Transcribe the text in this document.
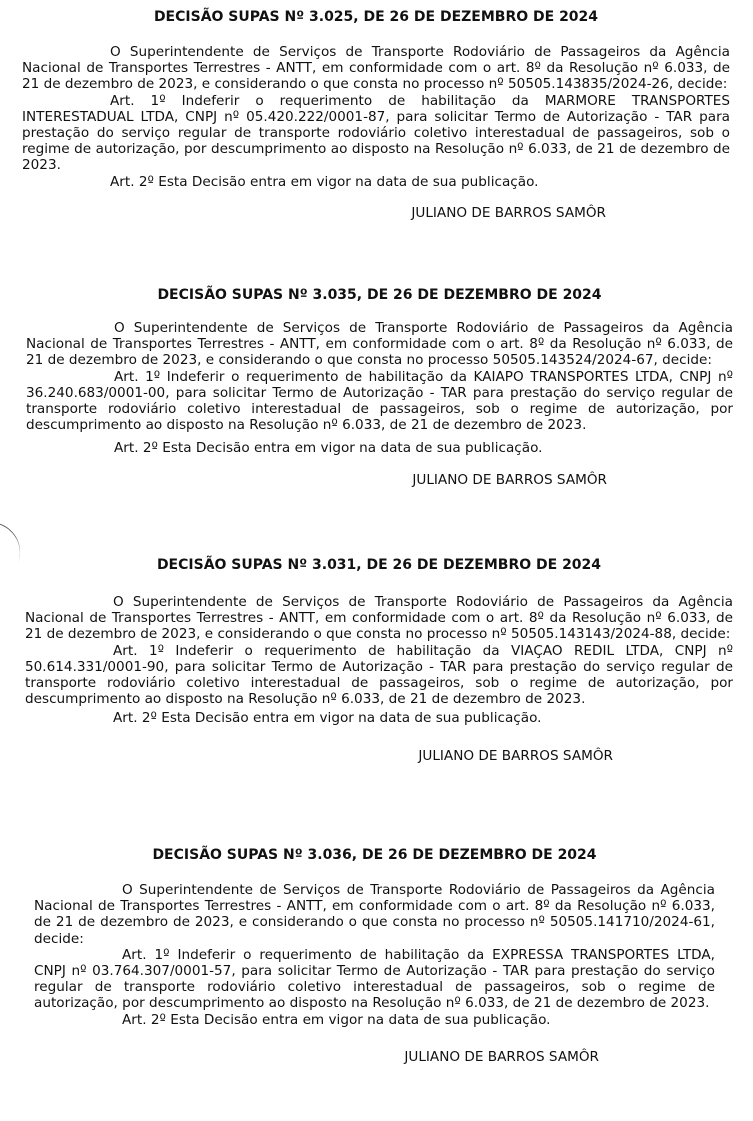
DECISÃO SUPAS Nº 3.025, DE 26 DE DEZEMBRO DE 2024

O Superintendente de Serviços de Transporte Rodoviário de Passageiros da Agência Nacional de Transportes Terrestres - ANTT, em conformidade com o art. 8º da Resolução nº 6.033, de 21 de dezembro de 2023, e considerando o que consta no processo nº 50505.143835/2024-26, decide:

Art. 1º Indeferir o requerimento de habilitação da MARMORE TRANSPORTES INTERESTADUAL LTDA, CNPJ nº 05.420.222/0001-87, para solicitar Termo de Autorização - TAR para prestação do serviço regular de transporte rodoviário coletivo interestadual de passageiros, sob o regime de autorização, por descumprimento ao disposto na Resolução nº 6.033, de 21 de dezembro de 2023.

Art. 2º Esta Decisão entra em vigor na data de sua publicação.

JULIANO DE BARROS SAMÔR

DECISÃO SUPAS Nº 3.035, DE 26 DE DEZEMBRO DE 2024

O Superintendente de Serviços de Transporte Rodoviário de Passageiros da Agência Nacional de Transportes Terrestres - ANTT, em conformidade com o art. 8º da Resolução nº 6.033, de 21 de dezembro de 2023, e considerando o que consta no processo 50505.143524/2024-67, decide:

Art. 1º Indeferir o requerimento de habilitação da KAIAPO TRANSPORTES LTDA, CNPJ nº 36.240.683/0001-00, para solicitar Termo de Autorização - TAR para prestação do serviço regular de transporte rodoviário coletivo interestadual de passageiros, sob o regime de autorização, por descumprimento ao disposto na Resolução nº 6.033, de 21 de dezembro de 2023.

Art. 2º Esta Decisão entra em vigor na data de sua publicação.

JULIANO DE BARROS SAMÔR

DECISÃO SUPAS Nº 3.031, DE 26 DE DEZEMBRO DE 2024

O Superintendente de Serviços de Transporte Rodoviário de Passageiros da Agência Nacional de Transportes Terrestres - ANTT, em conformidade com o art. 8º da Resolução nº 6.033, de 21 de dezembro de 2023, e considerando o que consta no processo nº 50505.143143/2024-88, decide:

Art. 1º Indeferir o requerimento de habilitação da VIAÇAO REDIL LTDA, CNPJ nº 50.614.331/0001-90, para solicitar Termo de Autorização - TAR para prestação do serviço regular de transporte rodoviário coletivo interestadual de passageiros, sob o regime de autorização, por descumprimento ao disposto na Resolução nº 6.033, de 21 de dezembro de 2023.

Art. 2º Esta Decisão entra em vigor na data de sua publicação.

JULIANO DE BARROS SAMÔR

DECISÃO SUPAS Nº 3.036, DE 26 DE DEZEMBRO DE 2024

O Superintendente de Serviços de Transporte Rodoviário de Passageiros da Agência Nacional de Transportes Terrestres - ANTT, em conformidade com o art. 8º da Resolução nº 6.033, de 21 de dezembro de 2023, e considerando o que consta no processo nº 50505.141710/2024-61, decide:

Art. 1º Indeferir o requerimento de habilitação da EXPRESSA TRANSPORTES LTDA, CNPJ nº 03.764.307/0001-57, para solicitar Termo de Autorização - TAR para prestação do serviço regular de transporte rodoviário coletivo interestadual de passageiros, sob o regime de autorização, por descumprimento ao disposto na Resolução nº 6.033, de 21 de dezembro de 2023.

Art. 2º Esta Decisão entra em vigor na data de sua publicação.

JULIANO DE BARROS SAMÔR
